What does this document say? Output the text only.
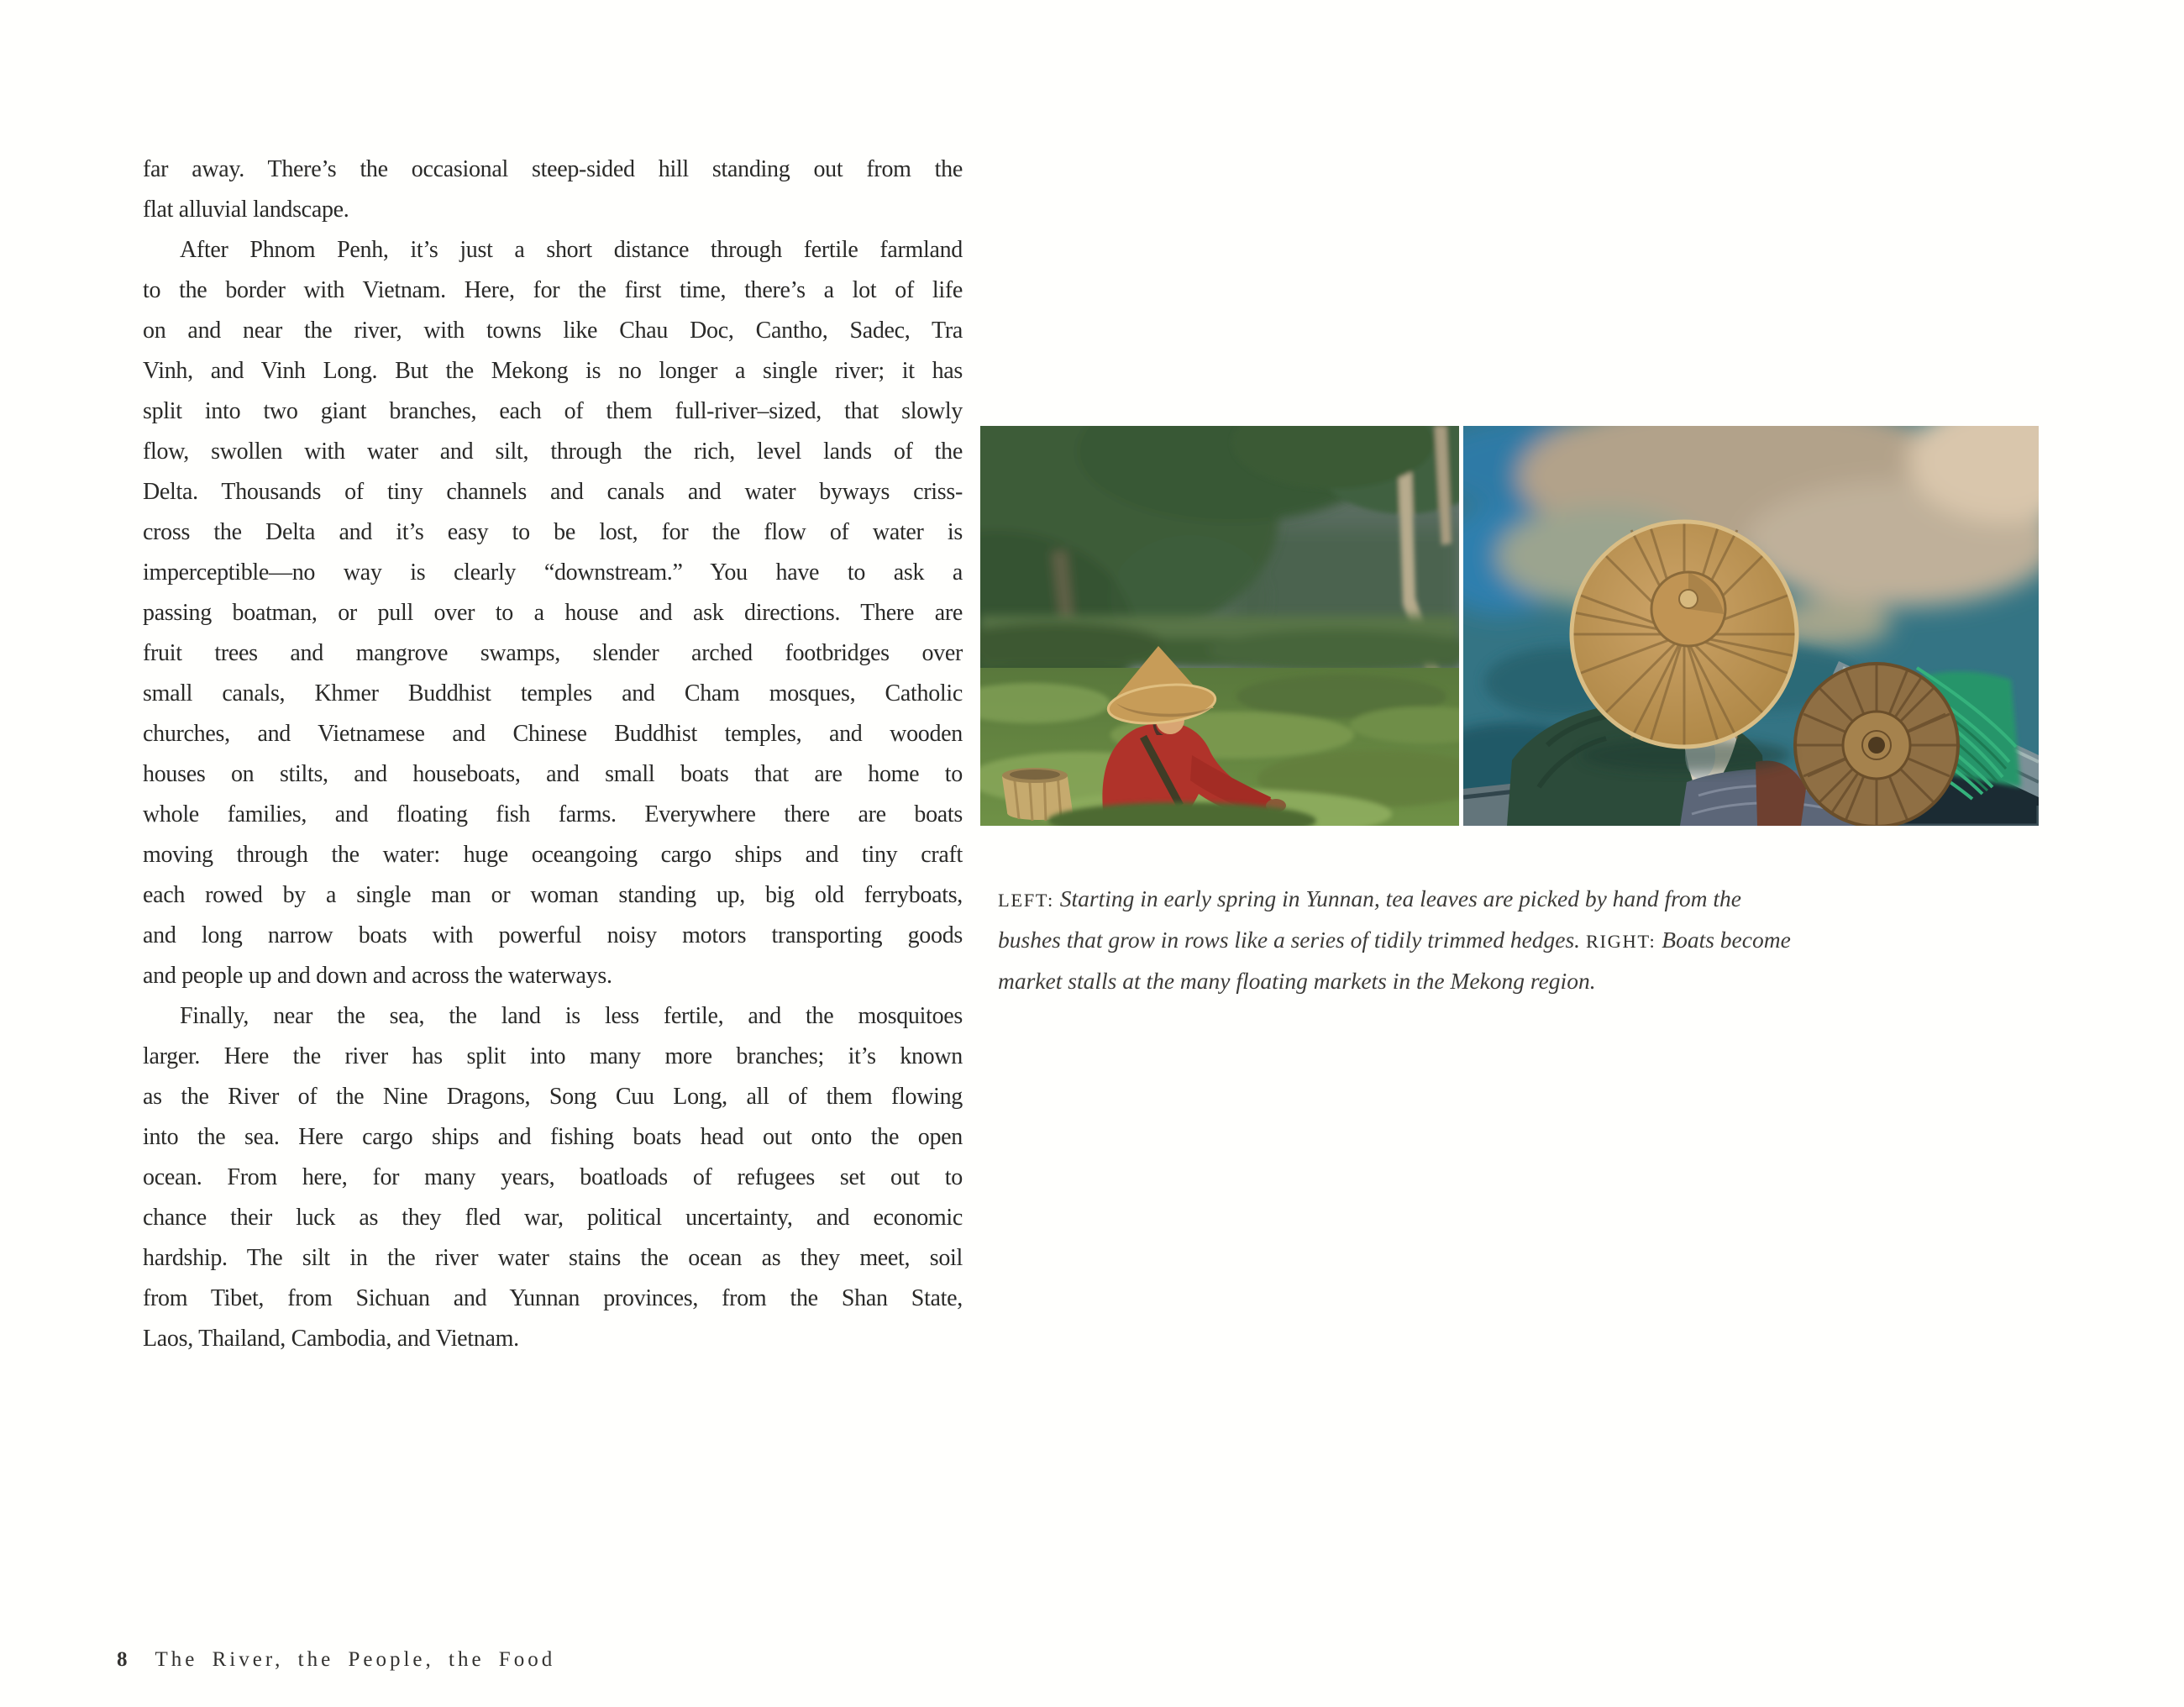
far away. There’s the occasional steep-sided hill standing out from the
flat alluvial landscape.
After Phnom Penh, it’s just a short distance through fertile farmland
to the border with Vietnam. Here, for the first time, there’s a lot of life
on and near the river, with towns like Chau Doc, Cantho, Sadec, Tra
Vinh, and Vinh Long. But the Mekong is no longer a single river; it has
split into two giant branches, each of them full-river–sized, that slowly
flow, swollen with water and silt, through the rich, level lands of the
Delta. Thousands of tiny channels and canals and water byways criss-
cross the Delta and it’s easy to be lost, for the flow of water is
imperceptible—no way is clearly “downstream.” You have to ask a
passing boatman, or pull over to a house and ask directions. There are
fruit trees and mangrove swamps, slender arched footbridges over
small canals, Khmer Buddhist temples and Cham mosques, Catholic
churches, and Vietnamese and Chinese Buddhist temples, and wooden
houses on stilts, and houseboats, and small boats that are home to
whole families, and floating fish farms. Everywhere there are boats
moving through the water: huge oceangoing cargo ships and tiny craft
each rowed by a single man or woman standing up, big old ferryboats,
and long narrow boats with powerful noisy motors transporting goods
and people up and down and across the waterways.
Finally, near the sea, the land is less fertile, and the mosquitoes
larger. Here the river has split into many more branches; it’s known
as the River of the Nine Dragons, Song Cuu Long, all of them flowing
into the sea. Here cargo ships and fishing boats head out onto the open
ocean. From here, for many years, boatloads of refugees set out to
chance their luck as they fled war, political uncertainty, and economic
hardship. The silt in the river water stains the ocean as they meet, soil
from Tibet, from Sichuan and Yunnan provinces, from the Shan State,
Laos, Thailand, Cambodia, and Vietnam.
LEFT: Starting in early spring in Yunnan, tea leaves are picked by hand from the bushes that grow in rows like a series of tidily trimmed hedges. RIGHT: Boats become market stalls at the many floating markets in the Mekong region.
8 The River, the People, the Food
